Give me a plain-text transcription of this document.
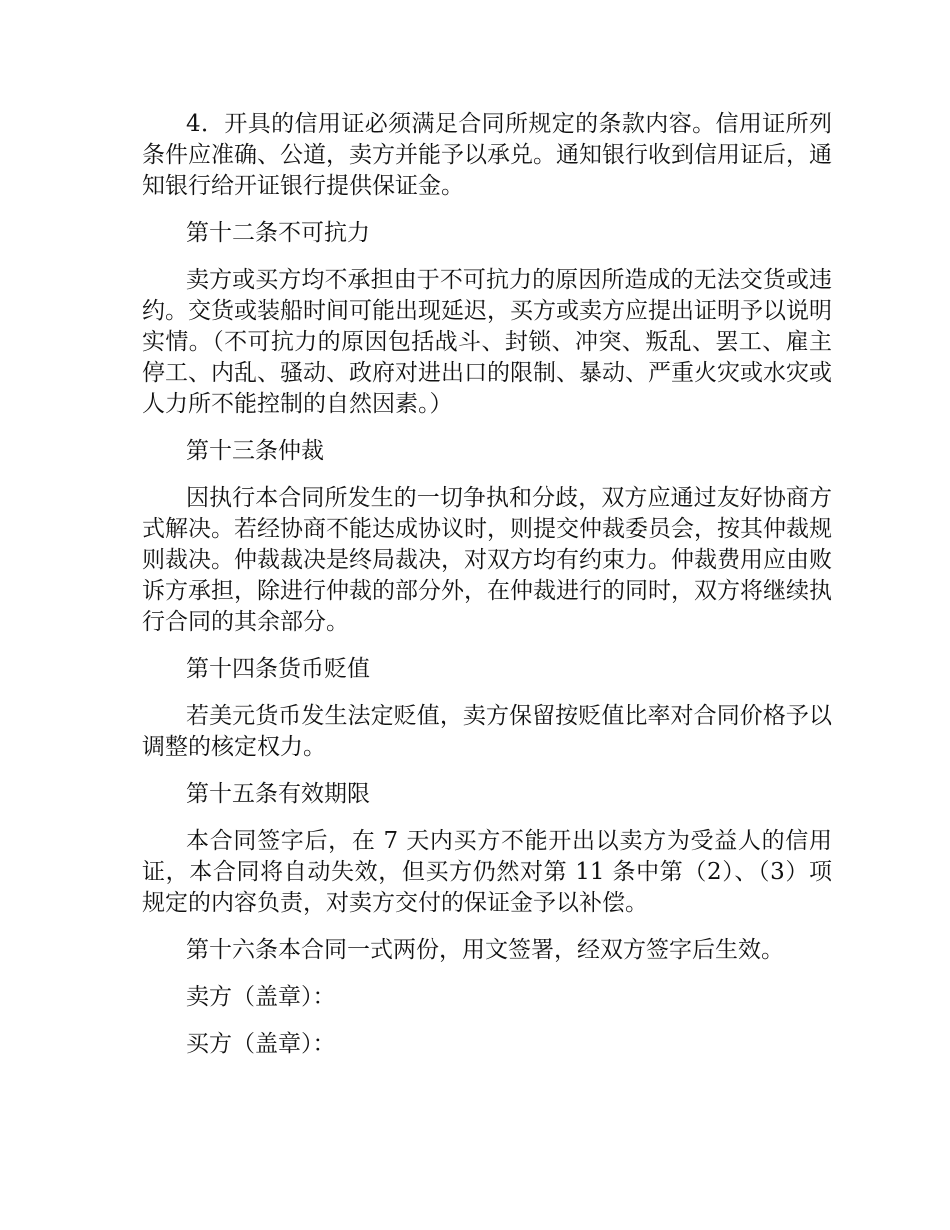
4．开具的信用证必须满足合同所规定的条款内容。信用证所列条件应准确、公道，卖方并能予以承兑。通知银行收到信用证后，通知银行给开证银行提供保证金。

第十二条不可抗力

卖方或买方均不承担由于不可抗力的原因所造成的无法交货或违约。交货或装船时间可能出现延迟，买方或卖方应提出证明予以说明实情。（不可抗力的原因包括战斗、封锁、冲突、叛乱、罢工、雇主停工、内乱、骚动、政府对进出口的限制、暴动、严重火灾或水灾或人力所不能控制的自然因素。）

第十三条仲裁

因执行本合同所发生的一切争执和分歧，双方应通过友好协商方式解决。若经协商不能达成协议时，则提交仲裁委员会，按其仲裁规则裁决。仲裁裁决是终局裁决，对双方均有约束力。仲裁费用应由败诉方承担，除进行仲裁的部分外，在仲裁进行的同时，双方将继续执行合同的其余部分。

第十四条货币贬值

若美元货币发生法定贬值，卖方保留按贬值比率对合同价格予以调整的核定权力。

第十五条有效期限

本合同签字后，在 7 天内买方不能开出以卖方为受益人的信用证，本合同将自动失效，但买方仍然对第 11 条中第（2）、（3）项规定的内容负责，对卖方交付的保证金予以补偿。

第十六条本合同一式两份，用文签署，经双方签字后生效。

卖方（盖章）：

买方（盖章）：
